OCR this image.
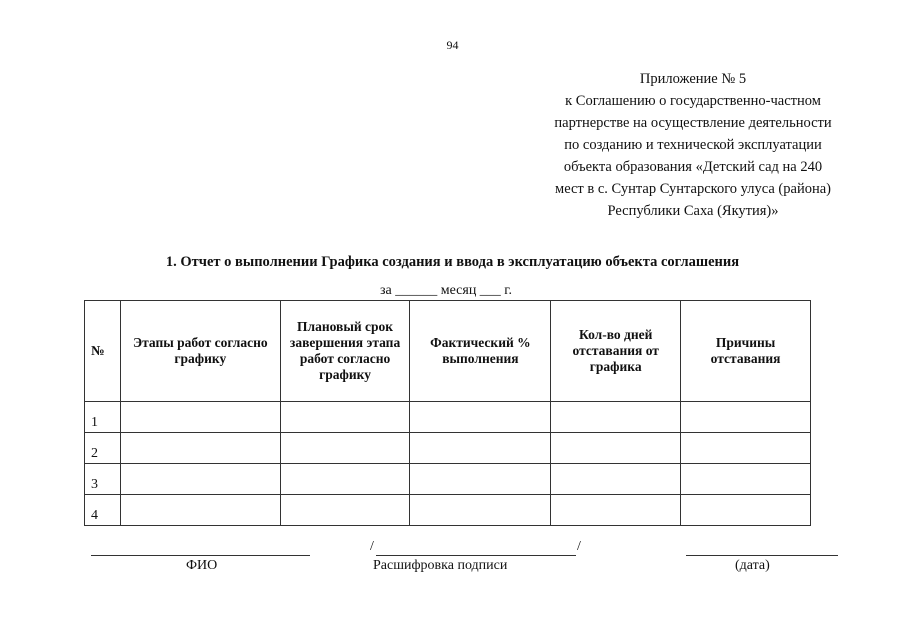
94
Приложение № 5
к Соглашению о государственно-частном
партнерстве на осуществление деятельности
по созданию и технической эксплуатации
объекта образования «Детский сад на 240
мест в с. Сунтар Сунтарского улуса (района)
Республики Саха (Якутия)»
1. Отчет о выполнении Графика создания и ввода в эксплуатацию объекта соглашения
за ______ месяц ___ г.
№	Этапы работ согласно графику	Плановый срок завершения этапа работ согласно графику	Фактический % выполнения	Кол-во дней отставания от графика	Причины отставания
1					
2					
3					
4					
ФИО
/	/
Расшифровка подписи	(дата)
